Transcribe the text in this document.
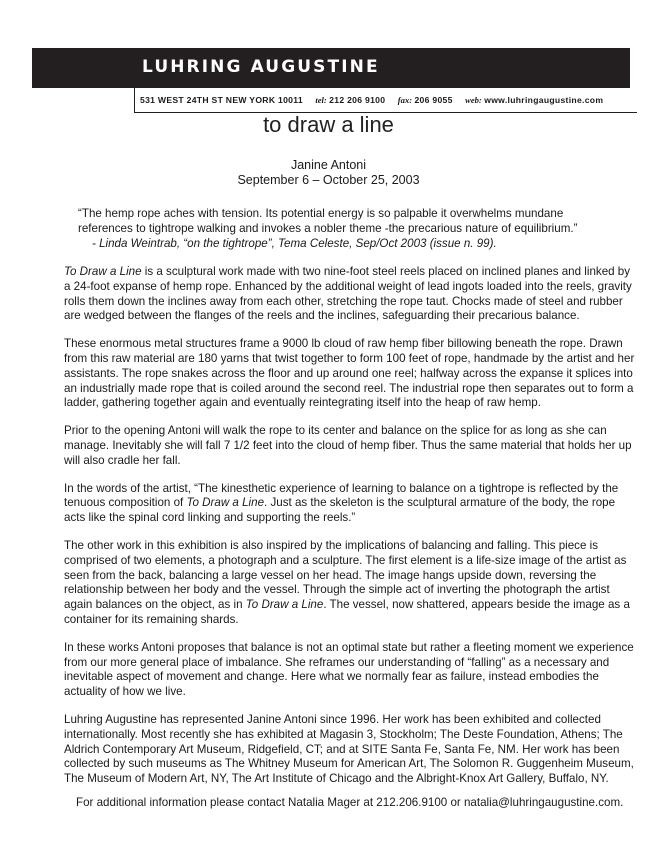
LUHRING AUGUSTINE
531 WEST 24TH ST NEW YORK 10011 tel: 212 206 9100 fax: 206 9055 web: www.luhringaugustine.com
to draw a line
Janine Antoni
September 6 – October 25, 2003
“The hemp rope aches with tension. Its potential energy is so palpable it overwhelms mundane references to tightrope walking and invokes a nobler theme -the precarious nature of equilibrium.”
- Linda Weintrab, “on the tightrope”, Tema Celeste, Sep/Oct 2003 (issue n. 99).

To Draw a Line is a sculptural work made with two nine-foot steel reels placed on inclined planes and linked by a 24-foot expanse of hemp rope. Enhanced by the additional weight of lead ingots loaded into the reels, gravity rolls them down the inclines away from each other, stretching the rope taut. Chocks made of steel and rubber are wedged between the flanges of the reels and the inclines, safeguarding their precarious balance.

These enormous metal structures frame a 9000 lb cloud of raw hemp fiber billowing beneath the rope. Drawn from this raw material are 180 yarns that twist together to form 100 feet of rope, handmade by the artist and her assistants. The rope snakes across the floor and up around one reel; halfway across the expanse it splices into an industrially made rope that is coiled around the second reel. The industrial rope then separates out to form a ladder, gathering together again and eventually reintegrating itself into the heap of raw hemp.

Prior to the opening Antoni will walk the rope to its center and balance on the splice for as long as she can manage. Inevitably she will fall 7 1/2 feet into the cloud of hemp fiber. Thus the same material that holds her up will also cradle her fall.

In the words of the artist, “The kinesthetic experience of learning to balance on a tightrope is reflected by the tenuous composition of To Draw a Line. Just as the skeleton is the sculptural armature of the body, the rope acts like the spinal cord linking and supporting the reels.”

The other work in this exhibition is also inspired by the implications of balancing and falling. This piece is comprised of two elements, a photograph and a sculpture. The first element is a life-size image of the artist as seen from the back, balancing a large vessel on her head. The image hangs upside down, reversing the relationship between her body and the vessel. Through the simple act of inverting the photograph the artist again balances on the object, as in To Draw a Line. The vessel, now shattered, appears beside the image as a container for its remaining shards.

In these works Antoni proposes that balance is not an optimal state but rather a fleeting moment we experience from our more general place of imbalance. She reframes our understanding of “falling” as a necessary and inevitable aspect of movement and change. Here what we normally fear as failure, instead embodies the actuality of how we live.

Luhring Augustine has represented Janine Antoni since 1996. Her work has been exhibited and collected internationally. Most recently she has exhibited at Magasin 3, Stockholm; The Deste Foundation, Athens; The Aldrich Contemporary Art Museum, Ridgefield, CT; and at SITE Santa Fe, Santa Fe, NM. Her work has been collected by such museums as The Whitney Museum for American Art, The Solomon R. Guggenheim Museum, The Museum of Modern Art, NY, The Art Institute of Chicago and the Albright-Knox Art Gallery, Buffalo, NY.

For additional information please contact Natalia Mager at 212.206.9100 or natalia@luhringaugustine.com.
